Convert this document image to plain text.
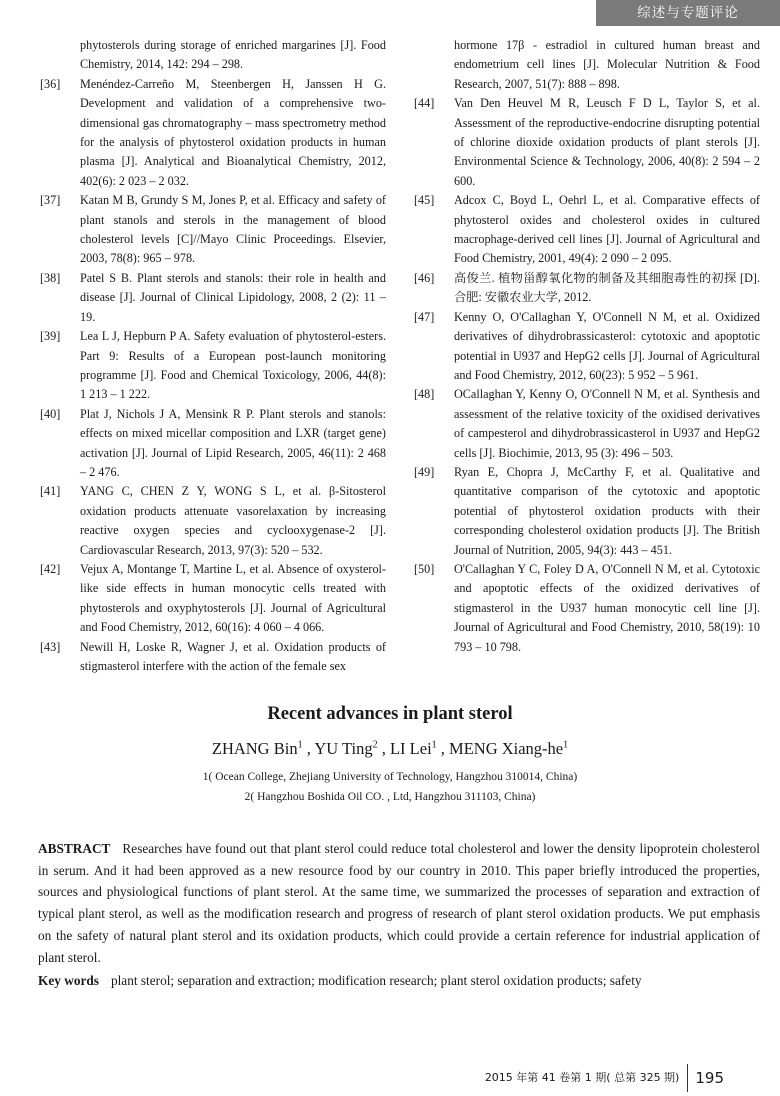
综述与专题评论
phytosterols during storage of enriched margarines [J]. Food Chemistry, 2014, 142: 294 – 298.
[36] Menéndez-Carreño M, Steenbergen H, Janssen H G. Development and validation of a comprehensive two-dimensional gas chromatography – mass spectrometry method for the analysis of phytosterol oxidation products in human plasma [J]. Analytical and Bioanalytical Chemistry, 2012, 402(6): 2 023 – 2 032.
[37] Katan M B, Grundy S M, Jones P, et al. Efficacy and safety of plant stanols and sterols in the management of blood cholesterol levels [C]//Mayo Clinic Proceedings. Elsevier, 2003, 78(8): 965 – 978.
[38] Patel S B. Plant sterols and stanols: their role in health and disease [J]. Journal of Clinical Lipidology, 2008, 2 (2): 11 – 19.
[39] Lea L J, Hepburn P A. Safety evaluation of phytosterol-esters. Part 9: Results of a European post-launch monitoring programme [J]. Food and Chemical Toxicology, 2006, 44(8): 1 213 – 1 222.
[40] Plat J, Nichols J A, Mensink R P. Plant sterols and stanols: effects on mixed micellar composition and LXR (target gene) activation [J]. Journal of Lipid Research, 2005, 46(11): 2 468 – 2 476.
[41] YANG C, CHEN Z Y, WONG S L, et al. β-Sitosterol oxidation products attenuate vasorelaxation by increasing reactive oxygen species and cyclooxygenase-2 [J]. Cardiovascular Research, 2013, 97(3): 520 – 532.
[42] Vejux A, Montange T, Martine L, et al. Absence of oxysterol-like side effects in human monocytic cells treated with phytosterols and oxyphytosterols [J]. Journal of Agricultural and Food Chemistry, 2012, 60(16): 4 060 – 4 066.
[43] Newill H, Loske R, Wagner J, et al. Oxidation products of stigmasterol interfere with the action of the female sex
hormone 17β - estradiol in cultured human breast and endometrium cell lines [J]. Molecular Nutrition & Food Research, 2007, 51(7): 888 – 898.
[44] Van Den Heuvel M R, Leusch F D L, Taylor S, et al. Assessment of the reproductive-endocrine disrupting potential of chlorine dioxide oxidation products of plant sterols [J]. Environmental Science & Technology, 2006, 40(8): 2 594 – 2 600.
[45] Adcox C, Boyd L, Oehrl L, et al. Comparative effects of phytosterol oxides and cholesterol oxides in cultured macrophage-derived cell lines [J]. Journal of Agricultural and Food Chemistry, 2001, 49(4): 2 090 – 2 095.
[46] 高俊兰. 植物甾醇氧化物的制备及其细胞毒性的初探 [D]. 合肥: 安徽农业大学, 2012.
[47] Kenny O, O'Callaghan Y, O'Connell N M, et al. Oxidized derivatives of dihydrobrassicasterol: cytotoxic and apoptotic potential in U937 and HepG2 cells [J]. Journal of Agricultural and Food Chemistry, 2012, 60(23): 5 952 – 5 961.
[48] OCallaghan Y, Kenny O, O'Connell N M, et al. Synthesis and assessment of the relative toxicity of the oxidised derivatives of campesterol and dihydrobrassicasterol in U937 and HepG2 cells [J]. Biochimie, 2013, 95 (3): 496 – 503.
[49] Ryan E, Chopra J, McCarthy F, et al. Qualitative and quantitative comparison of the cytotoxic and apoptotic potential of phytosterol oxidation products with their corresponding cholesterol oxidation products [J]. The British Journal of Nutrition, 2005, 94(3): 443 – 451.
[50] O'Callaghan Y C, Foley D A, O'Connell N M, et al. Cytotoxic and apoptotic effects of the oxidized derivatives of stigmasterol in the U937 human monocytic cell line [J]. Journal of Agricultural and Food Chemistry, 2010, 58(19): 10 793 – 10 798.
Recent advances in plant sterol
ZHANG Bin$^1$ , YU Ting$^2$ , LI Lei$^1$ , MENG Xiang-$he^1$
1( Ocean College, Zhejiang University of Technology, Hangzhou 310014, China)
2( Hangzhou Boshida Oil CO. , Ltd, Hangzhou 311103, China)
ABSTRACT Researches have found out that plant sterol could reduce total cholesterol and lower the density lipoprotein cholesterol in serum. And it had been approved as a new resource food by our country in 2010. This paper briefly introduced the properties, sources and physiological functions of plant sterol. At the same time, we summarized the processes of separation and extraction of typical plant sterol, as well as the modification research and progress of research of plant sterol oxidation products. We put emphasis on the safety of natural plant sterol and its oxidation products, which could provide a certain reference for industrial application of plant sterol.
Key words plant sterol; separation and extraction; modification research; plant sterol oxidation products; safety
2015 年第 41 卷第 1 期( 总第 325 期) 195
